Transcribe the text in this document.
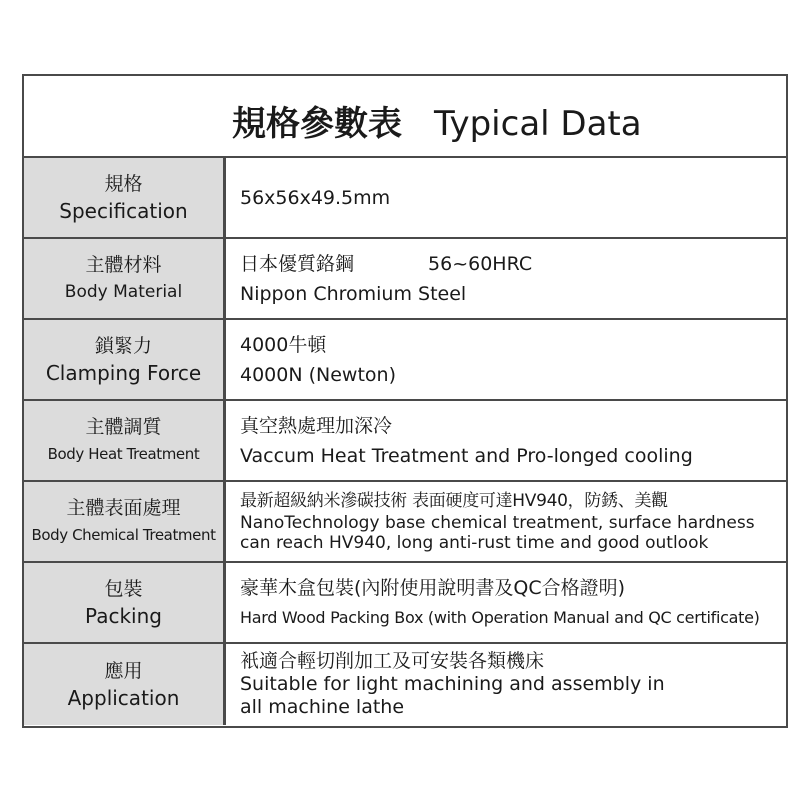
規格參數表 Typical Data
規格
Specification
56x56x49.5mm
主體材料
Body Material
日本優質鉻鋼	56~60HRC
Nippon Chromium Steel
鎖緊力
Clamping Force
4000牛頓
4000N (Newton)
主體調質
Body Heat Treatment
真空熱處理加深冷
Vaccum Heat Treatment and Pro-longed cooling
主體表面處理
Body Chemical Treatment
最新超級納米滲碳技術 表面硬度可達HV940，防銹、美觀
NanoTechnology base chemical treatment, surface hardness
can reach HV940, long anti-rust time and good outlook
包裝
Packing
豪華木盒包裝(內附使用說明書及QC合格證明)
Hard Wood Packing Box (with Operation Manual and QC certificate)
應用
Application
衹適合輕切削加工及可安裝各類機床
Suitable for light machining and assembly in
all machine lathe
